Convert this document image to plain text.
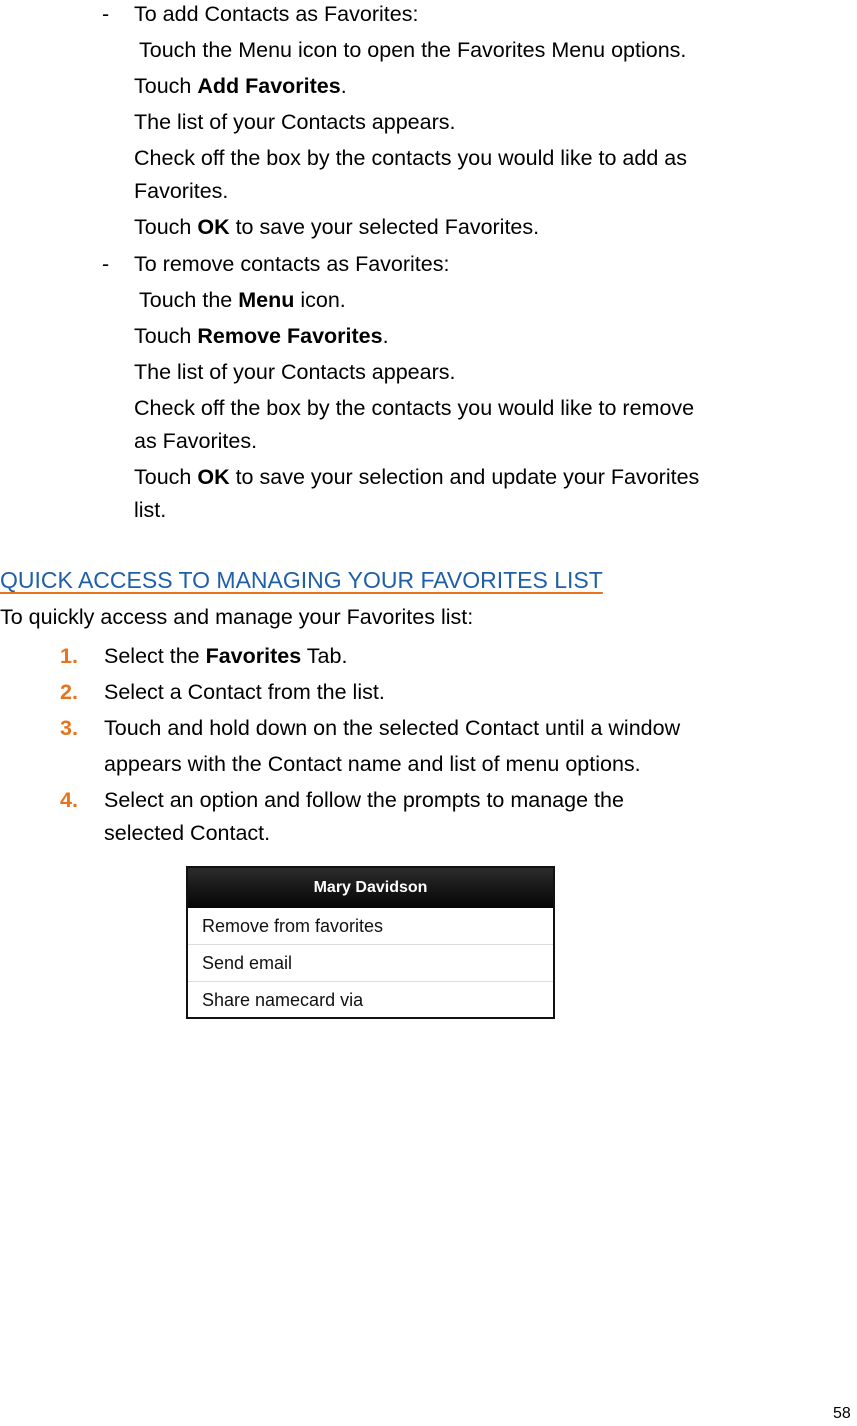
- To add Contacts as Favorites:
Touch the Menu icon to open the Favorites Menu options.
Touch Add Favorites.
The list of your Contacts appears.
Check off the box by the contacts you would like to add as
Favorites.
Touch OK to save your selected Favorites.
- To remove contacts as Favorites:
Touch the Menu icon.
Touch Remove Favorites.
The list of your Contacts appears.
Check off the box by the contacts you would like to remove
as Favorites.
Touch OK to save your selection and update your Favorites
list.
QUICK ACCESS TO MANAGING YOUR FAVORITES LIST
To quickly access and manage your Favorites list:
1. Select the Favorites Tab.
2. Select a Contact from the list.
3. Touch and hold down on the selected Contact until a window
appears with the Contact name and list of menu options.
4. Select an option and follow the prompts to manage the
selected Contact.
Mary Davidson
Remove from favorites
Send email
Share namecard via
58
